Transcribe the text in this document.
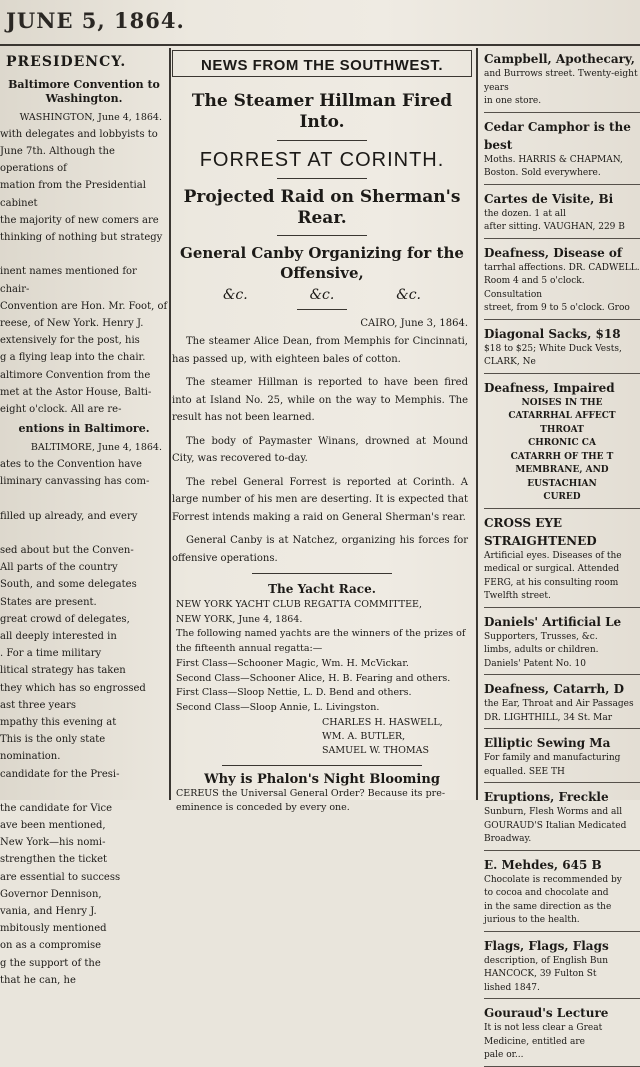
JUNE 5, 1864.
PRESIDENCY.
Baltimore Convention to Washington.
WASHINGTON, June 4, 1864.

with delegates and lobbyists to
June 7th. Although the operations of
mation from the Presidential cabinet
the majority of new comers are
thinking of nothing but strategy

inent names mentioned for chair-
Convention are Hon. Mr. Foot, of
reese, of New York. Henry J.
extensively for the post, his
g a flying leap into the chair.
altimore Convention from the
met at the Astor House, Balti-
eight o'clock. All are re-

entions in Baltimore.
BALTIMORE, June 4, 1864.

ates to the Convention have
liminary canvassing has com-

filled up already, and every

sed about but the Conven-
All parts of the country
South, and some delegates
States are present.
great crowd of delegates,
all deeply interested in
. For a time military
litical strategy has taken
they which has so engrossed
ast three years
mpathy this evening at
This is the only state
nomination.
candidate for the Presi-

the candidate for Vice
ave been mentioned,
New York—his nomi-
strengthen the ticket
are essential to success
Governor Dennison,
vania, and Henry J.
mbitously mentioned
on as a compromise
g the support of the
that he can, he

NEWS FROM THE SOUTHWEST.
The Steamer Hillman Fired Into.
FORREST AT CORINTH.
Projected Raid on Sherman's Rear.
General Canby Organizing for the Offensive,
&c.	&c.	&c.
CAIRO, June 3, 1864.

The steamer Alice Dean, from Memphis for Cincinnati, has passed up, with eighteen bales of cotton.

The steamer Hillman is reported to have been fired into at Island No. 25, while on the way to Memphis. The result has not been learned.

The body of Paymaster Winans, drowned at Mound City, was recovered to-day.

The rebel General Forrest is reported at Corinth. A large number of his men are deserting. It is expected that Forrest intends making a raid on General Sherman's rear.

General Canby is at Natchez, organizing his forces for offensive operations.

The Yacht Race.
NEW YORK YACHT CLUB REGATTA COMMITTEE,
NEW YORK, June 4, 1864.
The following named yachts are the winners of the prizes of the fifteenth annual regatta:—
First Class—Schooner Magic, Wm. H. McVickar.
Second Class—Schooner Alice, H. B. Fearing and others.
First Class—Sloop Nettie, L. D. Bend and others.
Second Class—Sloop Annie, L. Livingston.
CHARLES H. HASWELL,
WM. A. BUTLER,
SAMUEL W. THOMAS
Why is Phalon's Night Blooming
CEREUS the Universal General Order? Because its pre-eminence is conceded by every one.
Campbell, Apothecary,
and Burrows street. Twenty-eight years
in one store.
Cedar Camphor is the best
Moths. HARRIS & CHAPMAN,
Boston. Sold everywhere.
Cartes de Visite, Bi
the dozen. 1 at all
after sitting. VAUGHAN, 229 B
Deafness, Disease of
tarrhal affections. DR. CADWELL.
Room 4 and 5 o'clock. Consultation
street, from 9 to 5 o'clock. Groo
Diagonal Sacks, $18
$18 to $25; White Duck Vests,
CLARK, Ne
Deafness, Impaired
NOISES IN THE
CATARRHAL AFFECT
THROAT
CHRONIC CA
CATARRH OF THE T
MEMBRANE, AND
EUSTACHIAN
CURED
CROSS EYE STRAIGHTENED
Artificial eyes. Diseases of the
medical or surgical. Attended
FERG, at his consulting room
Twelfth street.
Daniels' Artificial Le
Supporters, Trusses, &c.
limbs, adults or children.
Daniels' Patent No. 10
Deafness, Catarrh, D
the Ear, Throat and Air Passages
DR. LIGHTHILL, 34 St. Mar
Elliptic Sewing Ma
For family and manufacturing
equalled. SEE TH
Eruptions, Freckle
Sunburn, Flesh Worms and all
GOURAUD'S Italian Medicated
Broadway.
E. Mehdes, 645 B
Chocolate is recommended by
to cocoa and chocolate and
in the same direction as the
jurious to the health.
Flags, Flags, Flags
description, of English Bun
HANCOCK, 39 Fulton St
lished 1847.
Gouraud's Lecture
It is not less clear a Great
Medicine, entitled are
pale or...
